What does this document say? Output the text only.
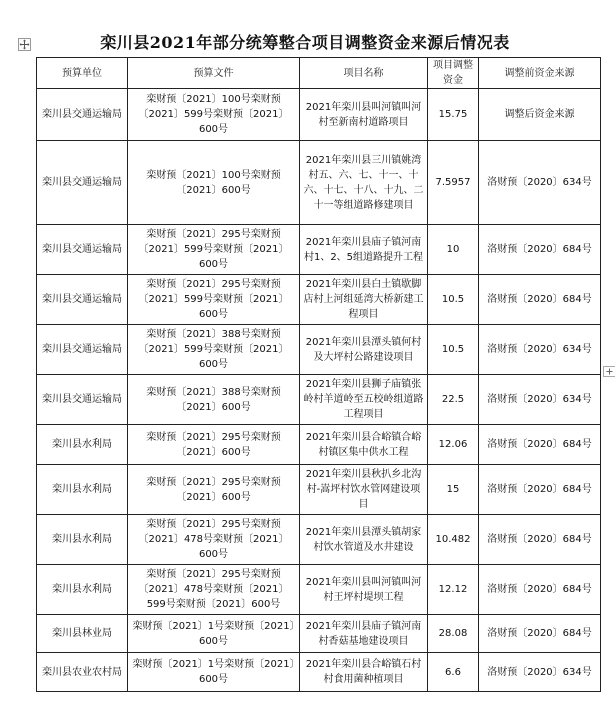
栾川县2021年部分统筹整合项目调整资金来源后情况表
预算单位	预算文件	项目名称	项目调整资金	调整前资金来源
栾川县交通运输局	栾财预〔2021〕100号栾财预〔2021〕599号栾财预〔2021〕600号	2021年栾川县叫河镇叫河村至新南村道路项目	15.75	调整后资金来源
栾川县交通运输局	栾财预〔2021〕100号栾财预〔2021〕600号	2021年栾川县三川镇姚湾村五、六、七、十一、十六、十七、十八、十九、二十一等组道路修建项目	7.5957	洛财预〔2020〕634号
栾川县交通运输局	栾财预〔2021〕295号栾财预〔2021〕599号栾财预〔2021〕600号	2021年栾川县庙子镇河南村1、2、5组道路提升工程	10	洛财预〔2020〕684号
栾川县交通运输局	栾财预〔2021〕295号栾财预〔2021〕599号栾财预〔2021〕600号	2021年栾川县白土镇歇脚店村上河组延湾大桥新建工程项目	10.5	洛财预〔2020〕684号
栾川县交通运输局	栾财预〔2021〕388号栾财预〔2021〕599号栾财预〔2021〕600号	2021年栾川县潭头镇何村及大坪村公路建设项目	10.5	洛财预〔2020〕634号
栾川县交通运输局	栾财预〔2021〕388号栾财预〔2021〕600号	2021年栾川县狮子庙镇张岭村羊道岭至五校岭组道路工程项目	22.5	洛财预〔2020〕634号
栾川县水利局	栾财预〔2021〕295号栾财预〔2021〕600号	2021年栾川县合峪镇合峪村镇区集中供水工程	12.06	洛财预〔2020〕684号
栾川县水利局	栾财预〔2021〕295号栾财预〔2021〕600号	2021年栾川县秋扒乡北沟村-嵩坪村饮水管网建设项目	15	洛财预〔2020〕684号
栾川县水利局	栾财预〔2021〕295号栾财预〔2021〕478号栾财预〔2021〕600号	2021年栾川县潭头镇胡家村饮水管道及水井建设	10.482	洛财预〔2020〕684号
栾川县水利局	栾财预〔2021〕295号栾财预〔2021〕478号栾财预〔2021〕599号栾财预〔2021〕600号	2021年栾川县叫河镇叫河村王坪村堤坝工程	12.12	洛财预〔2020〕684号
栾川县林业局	栾财预〔2021〕1号栾财预〔2021〕600号	2021年栾川县庙子镇河南村香菇基地建设项目	28.08	洛财预〔2020〕684号
栾川县农业农村局	栾财预〔2021〕1号栾财预〔2021〕600号	2021年栾川县合峪镇石村村食用菌种植项目	6.6	洛财预〔2020〕634号
